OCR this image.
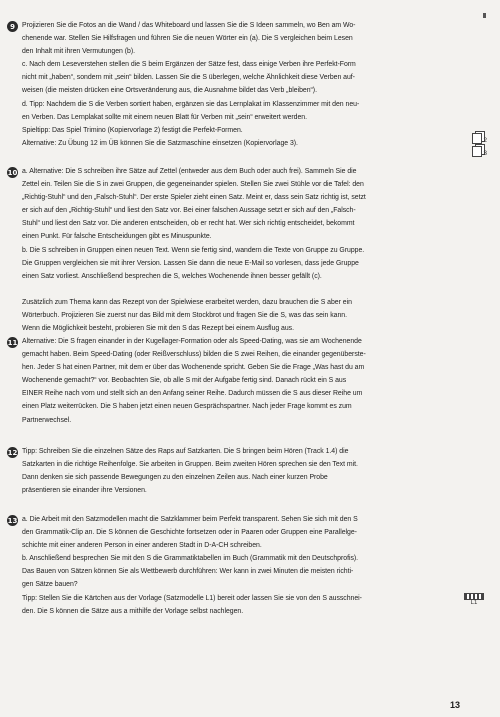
9	Projizieren Sie die Fotos an die Wand / das Whiteboard und lassen Sie die S Ideen sammeln, wo Ben am Wo-

chenende war. Stellen Sie Hilfsfragen und führen Sie die neuen Wörter ein (a). Die S vergleichen beim Lesen

den Inhalt mit ihren Vermutungen (b).

c. Nach dem Leseverstehen stellen die S beim Ergänzen der Sätze fest, dass einige Verben ihre Perfekt-Form

nicht mit „haben“, sondern mit „sein“ bilden. Lassen Sie die S überlegen, welche Ähnlichkeit diese Verben auf-

weisen (die meisten drücken eine Ortsveränderung aus, die Ausnahme bildet das Verb „bleiben“).

d. Tipp: Nachdem die S die Verben sortiert haben, ergänzen sie das Lernplakat im Klassenzimmer mit den neu-

en Verben. Das Lernplakat sollte mit einem neuen Blatt für Verben mit „sein“ erweitert werden.

Spieltipp: Das Spiel Trimino (Kopiervorlage 2) festigt die Perfekt-Formen.

Alternative: Zu Übung 12 im ÜB können Sie die Satzmaschine einsetzen (Kopiervorlage 3).	2
3
10 a. Alternative: Die S schreiben ihre Sätze auf Zettel (entweder aus dem Buch oder auch frei). Sammeln Sie die

Zettel ein. Teilen Sie die S in zwei Gruppen, die gegeneinander spielen. Stellen Sie zwei Stühle vor die Tafel: den

„Richtig-Stuhl“ und den „Falsch-Stuhl“. Der erste Spieler zieht einen Satz. Meint er, dass sein Satz richtig ist, setzt

er sich auf den „Richtig-Stuhl“ und liest den Satz vor. Bei einer falschen Aussage setzt er sich auf den „Falsch-

Stuhl“ und liest den Satz vor. Die anderen entscheiden, ob er recht hat. Wer sich richtig entscheidet, bekommt

einen Punkt. Für falsche Entscheidungen gibt es Minuspunkte.

b. Die S schreiben in Gruppen einen neuen Text. Wenn sie fertig sind, wandern die Texte von Gruppe zu Gruppe.

Die Gruppen vergleichen sie mit ihrer Version. Lassen Sie dann die neue E-Mail so vorlesen, dass jede Gruppe

einen Satz vorliest. Anschließend besprechen die S, welches Wochenende ihnen besser gefällt (c).

Zusätzlich zum Thema kann das Rezept von der Spielwiese erarbeitet werden, dazu brauchen die S aber ein

Wörterbuch. Projizieren Sie zuerst nur das Bild mit dem Stockbrot und fragen Sie die S, was das sein kann.

Wenn die Möglichkeit besteht, probieren Sie mit den S das Rezept bei einem Ausflug aus.

11 Alternative: Die S fragen einander in der Kugellager-Formation oder als Speed-Dating, was sie am Wochenende

gemacht haben. Beim Speed-Dating (oder Reißverschluss) bilden die S zwei Reihen, die einander gegenüberste-

hen. Jeder S hat einen Partner, mit dem er über das Wochenende spricht. Geben Sie die Frage „Was hast du am

Wochenende gemacht?“ vor. Beobachten Sie, ob alle S mit der Aufgabe fertig sind. Danach rückt ein S aus

EINER Reihe nach vorn und stellt sich an den Anfang seiner Reihe. Dadurch müssen die S aus dieser Reihe um

einen Platz weiterrücken. Die S haben jetzt einen neuen Gesprächspartner. Nach jeder Frage kommt es zum

Partnerwechsel.

12 Tipp: Schreiben Sie die einzelnen Sätze des Raps auf Satzkarten. Die S bringen beim Hören (Track 1.4) die

Satzkarten in die richtige Reihenfolge. Sie arbeiten in Gruppen. Beim zweiten Hören sprechen sie den Text mit.

Dann denken sie sich passende Bewegungen zu den einzelnen Zeilen aus. Nach einer kurzen Probe

präsentieren sie einander ihre Versionen.

13 a. Die Arbeit mit den Satzmodellen macht die Satzklammer beim Perfekt transparent. Sehen Sie sich mit den S

den Grammatik-Clip an. Die S können die Geschichte fortsetzen oder in Paaren oder Gruppen eine Parallelge-

schichte mit einer anderen Person in einer anderen Stadt in D-A-CH schreiben.

b. Anschließend besprechen Sie mit den S die Grammatiktabellen im Buch (Grammatik mit den Deutschprofis).

Das Bauen von Sätzen können Sie als Wettbewerb durchführen: Wer kann in zwei Minuten die meisten richti-

gen Sätze bauen?

Tipp: Stellen Sie die Kärtchen aus der Vorlage (Satzmodelle L1) bereit oder lassen Sie sie von den S ausschnei-

den. Die S können die Sätze aus a mithilfe der Vorlage selbst nachlegen.

L1
13
